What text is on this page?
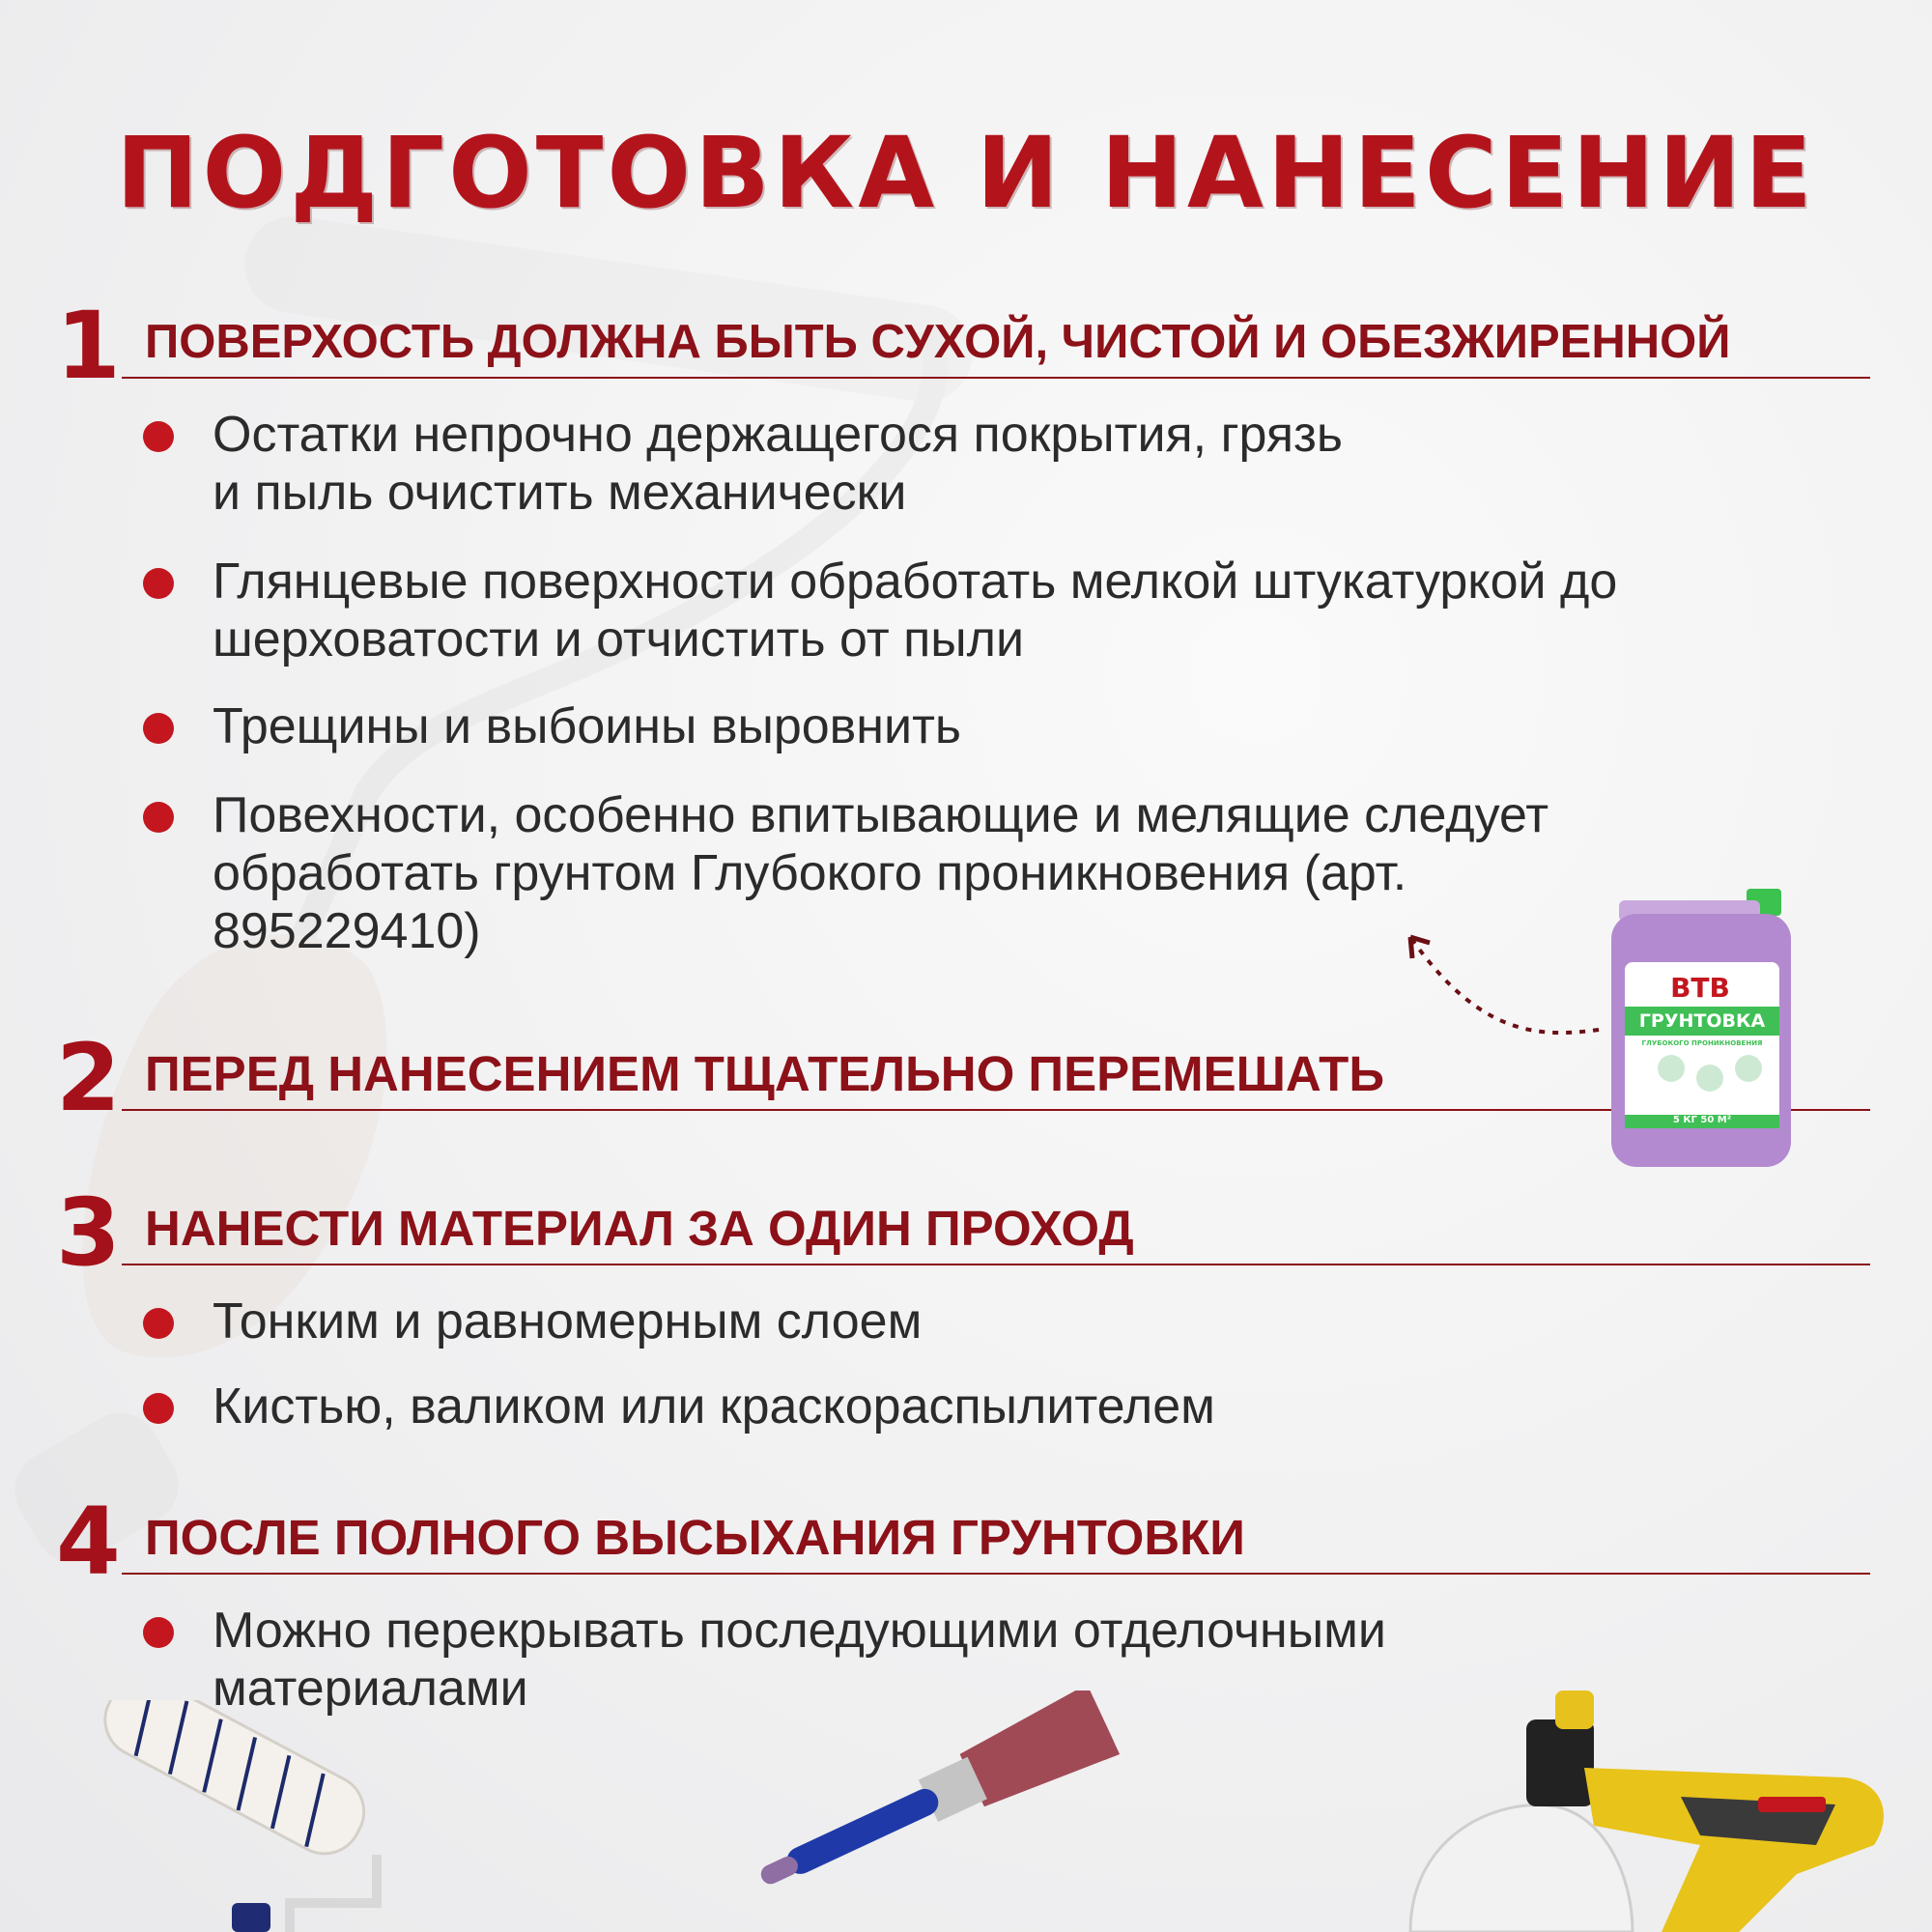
ПОДГОТОВКА И НАНЕСЕНИЕ
1 ПОВЕРХОСТЬ ДОЛЖНА БЫТЬ СУХОЙ, ЧИСТОЙ И ОБЕЗЖИРЕННОЙ
Остатки непрочно держащегося покрытия, грязь и пыль очистить механически
Глянцевые поверхности обработать мелкой штукатуркой до шерховатости и отчистить от пыли
Трещины и выбоины выровнить
Повехности, особенно впитывающие и мелящие следует обработать грунтом Глубокого проникновения (арт. 895229410)
2 ПЕРЕД НАНЕСЕНИЕМ ТЩАТЕЛЬНО ПЕРЕМЕШАТЬ
3 НАНЕСТИ МАТЕРИАЛ ЗА ОДИН ПРОХОД
Тонким и равномерным слоем
Кистью, валиком или краскораспылителем
4 ПОСЛЕ ПОЛНОГО ВЫСЫХАНИЯ ГРУНТОВКИ
Можно перекрывать последующими отделочными материалами
ВТВ
ГРУНТОВКА
ГЛУБОКОГО ПРОНИКНОВЕНИЯ
5 КГ 50 М²
